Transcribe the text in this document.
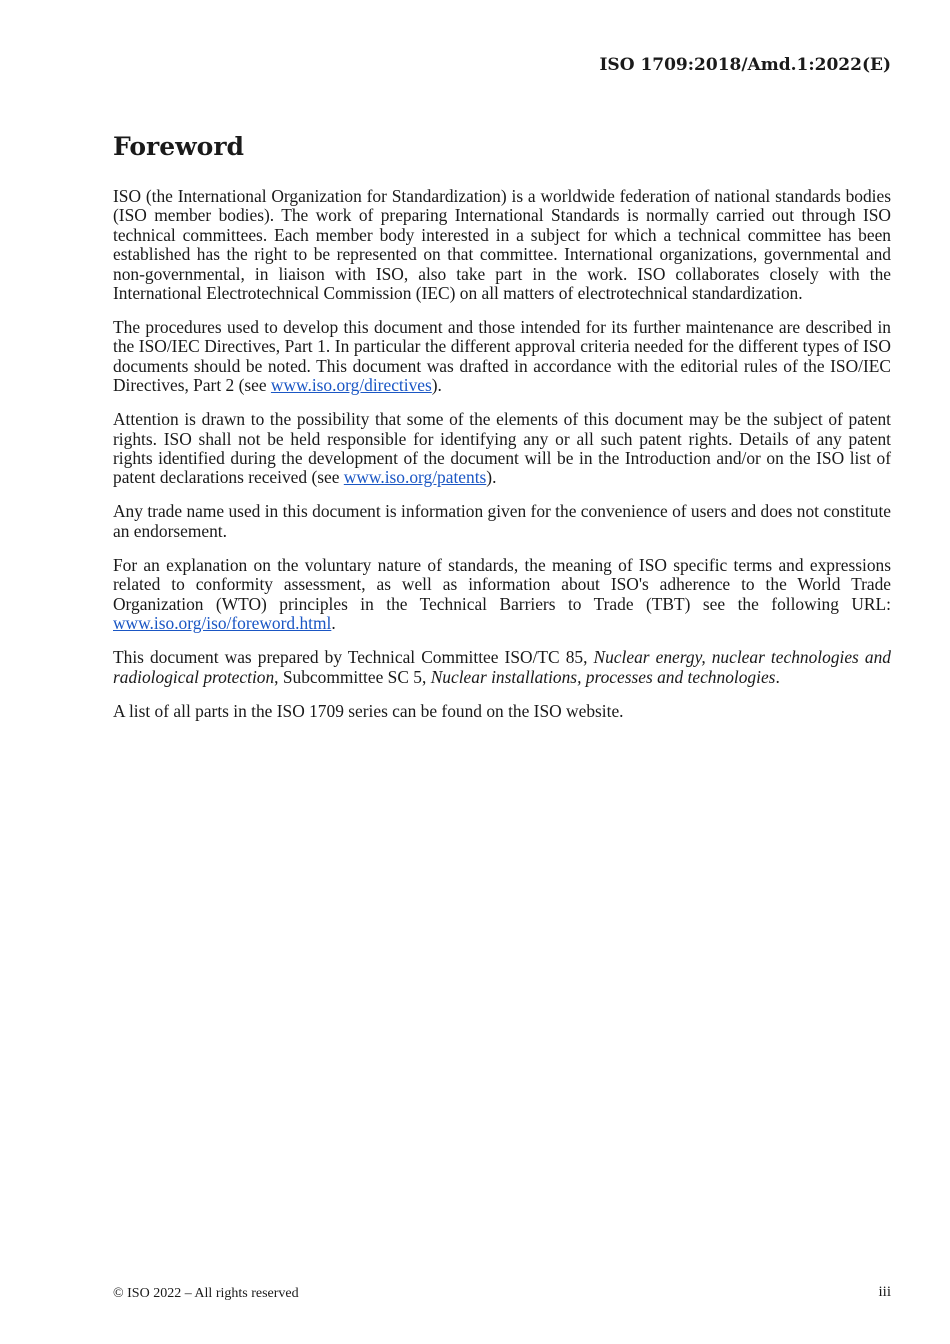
ISO 1709:2018/Amd.1:2022(E)
Foreword

ISO (the International Organization for Standardization) is a worldwide federation of national standards bodies (ISO member bodies). The work of preparing International Standards is normally carried out through ISO technical committees. Each member body interested in a subject for which a technical committee has been established has the right to be represented on that committee. International organizations, governmental and non-governmental, in liaison with ISO, also take part in the work. ISO collaborates closely with the International Electrotechnical Commission (IEC) on all matters of electrotechnical standardization.

The procedures used to develop this document and those intended for its further maintenance are described in the ISO/IEC Directives, Part 1. In particular the different approval criteria needed for the different types of ISO documents should be noted. This document was drafted in accordance with the editorial rules of the ISO/IEC Directives, Part 2 (see www.iso.org/directives).

Attention is drawn to the possibility that some of the elements of this document may be the subject of patent rights. ISO shall not be held responsible for identifying any or all such patent rights. Details of any patent rights identified during the development of the document will be in the Introduction and/or on the ISO list of patent declarations received (see www.iso.org/patents).

Any trade name used in this document is information given for the convenience of users and does not constitute an endorsement.

For an explanation on the voluntary nature of standards, the meaning of ISO specific terms and expressions related to conformity assessment, as well as information about ISO's adherence to the World Trade Organization (WTO) principles in the Technical Barriers to Trade (TBT) see the following URL: www.iso.org/iso/foreword.html.

This document was prepared by Technical Committee ISO/TC 85, Nuclear energy, nuclear technologies and radiological protection, Subcommittee SC 5, Nuclear installations, processes and technologies.

A list of all parts in the ISO 1709 series can be found on the ISO website.

© ISO 2022 – All rights reserved	iii
